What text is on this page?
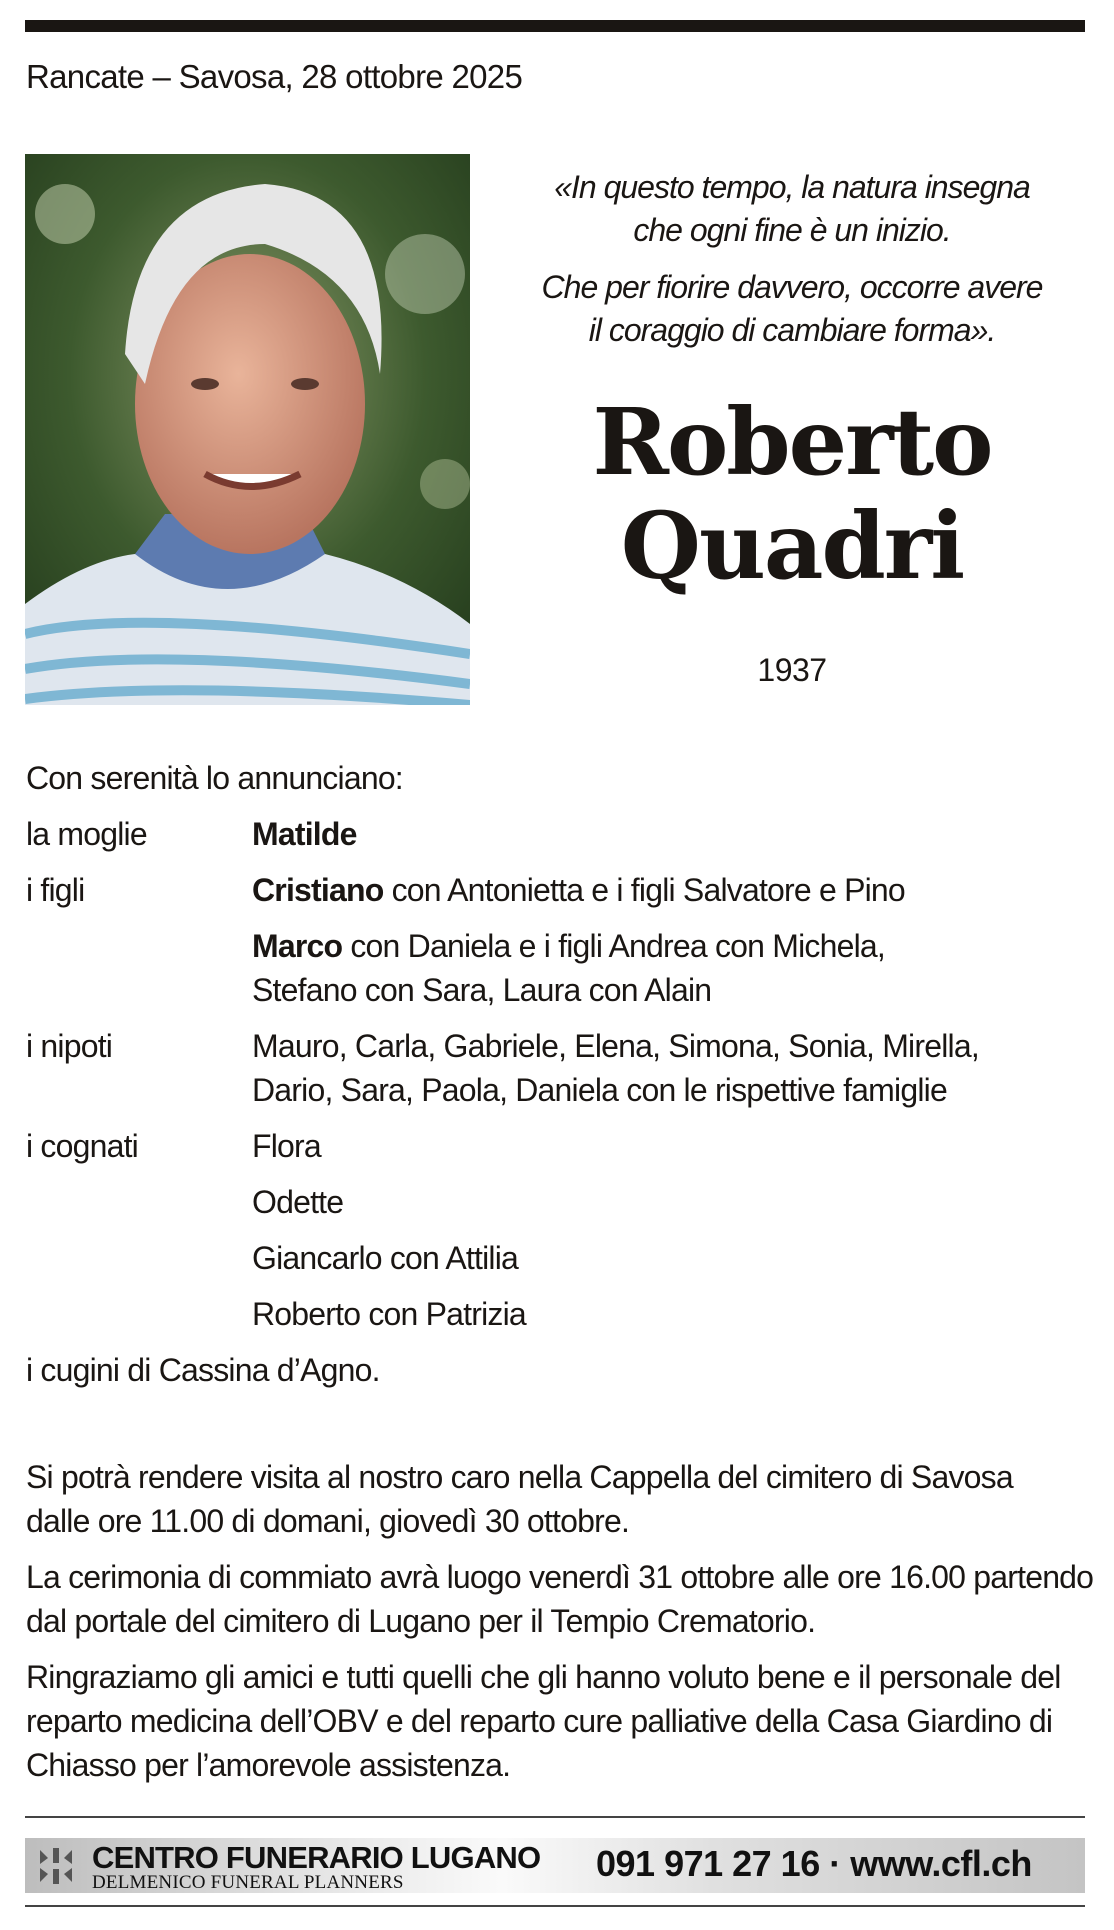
Rancate – Savosa, 28 ottobre 2025

«In questo tempo, la natura insegna
che ogni fine è un inizio.

Che per fiorire davvero, occorre avere
il coraggio di cambiare forma».

Roberto
Quadri
1937
Con serenità lo annunciano:
la moglie	Matilde
i figli	Cristiano con Antonietta e i figli Salvatore e Pino
Marco con Daniela e i figli Andrea con Michela, Stefano con Sara, Laura con Alain
i nipoti	Mauro, Carla, Gabriele, Elena, Simona, Sonia, Mirella, Dario, Sara, Paola, Daniela con le rispettive famiglie
i cognati	Flora
Odette
Giancarlo con Attilia
Roberto con Patrizia
i cugini di Cassina d’Agno.

Si potrà rendere visita al nostro caro nella Cappella del cimitero di Savosa dalle ore 11.00 di domani, giovedì 30 ottobre.

La cerimonia di commiato avrà luogo venerdì 31 ottobre alle ore 16.00 partendo dal portale del cimitero di Lugano per il Tempio Crematorio.

Ringraziamo gli amici e tutti quelli che gli hanno voluto bene e il personale del reparto medicina dell’OBV e del reparto cure palliative della Casa Giardino di Chiasso per l’amorevole assistenza.

CENTRO FUNERARIO LUGANO
DELMENICO FUNERAL PLANNERS	091 971 27 16 · www.cfl.ch
